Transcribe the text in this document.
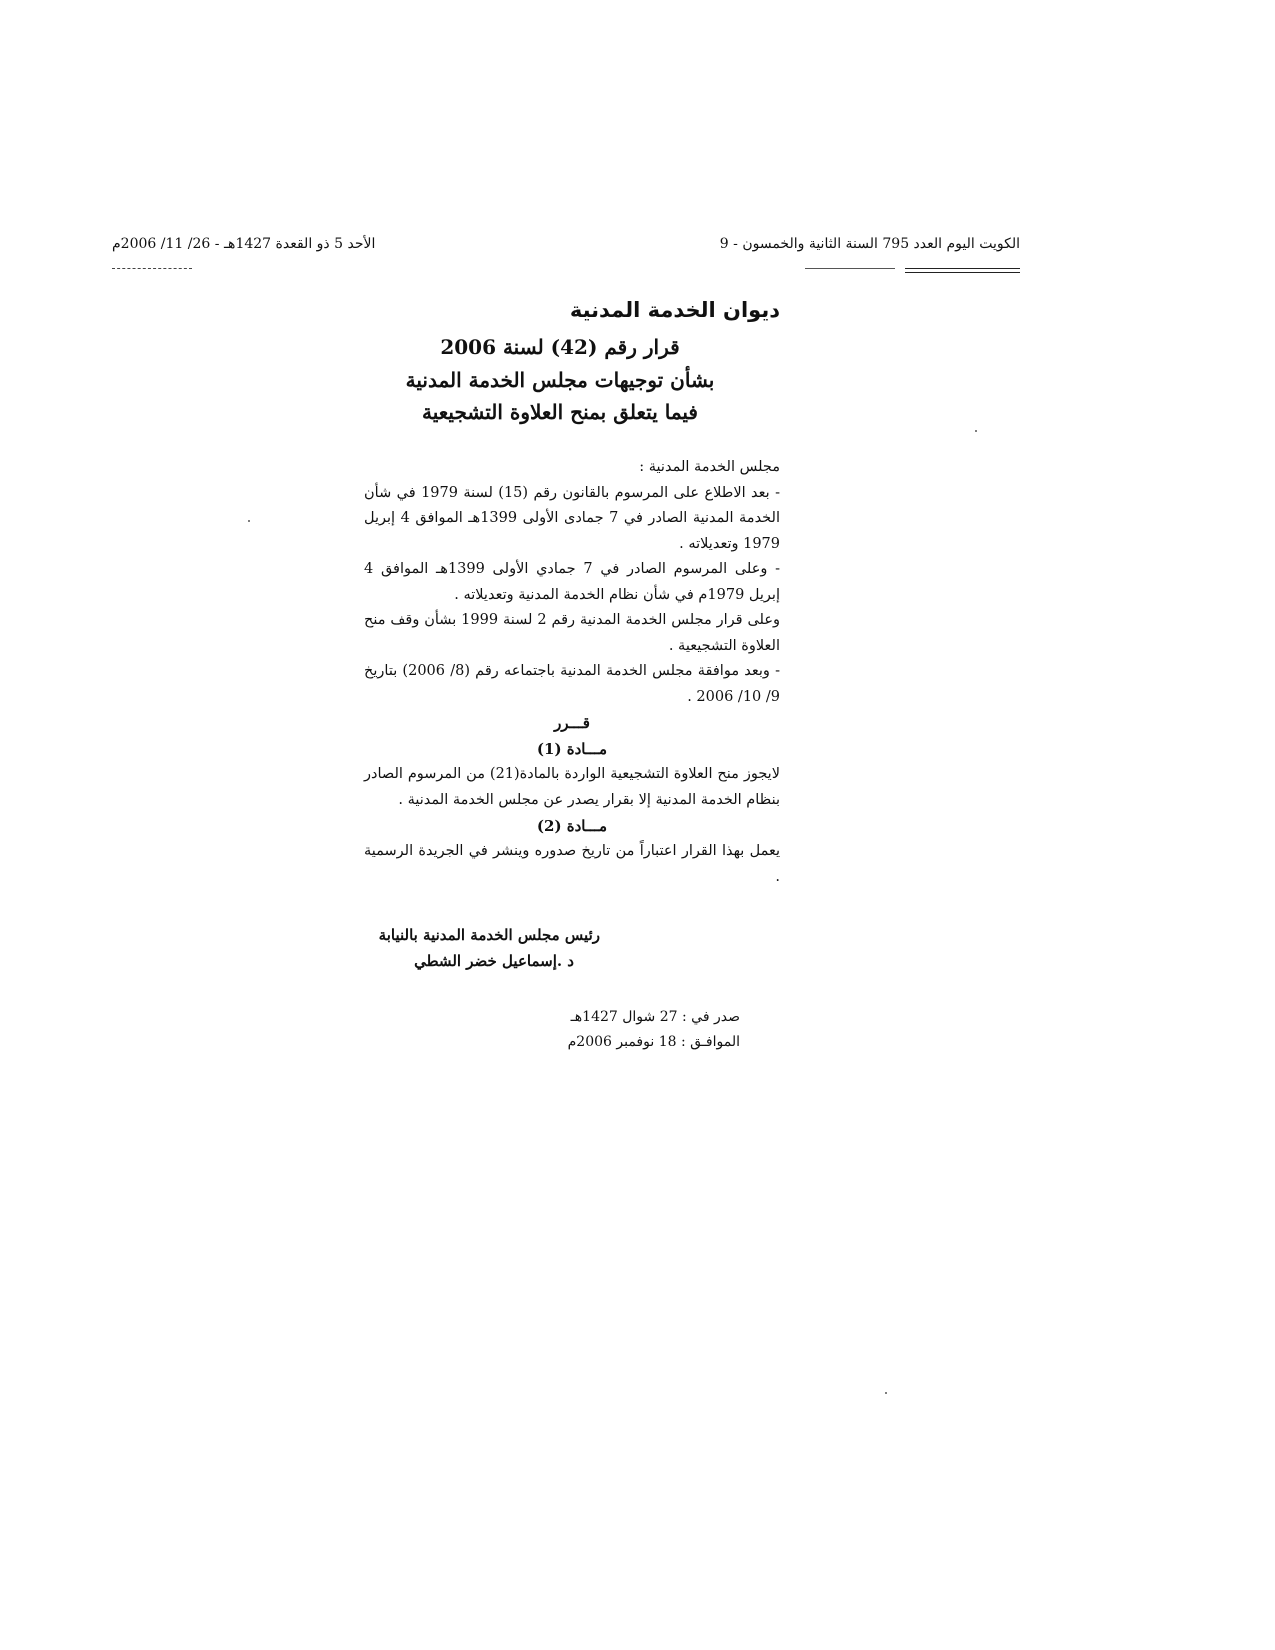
الكويت اليوم العدد 795 السنة الثانية والخمسون - 9
الأحد 5 ذو القعدة 1427هـ - 26/ 11/ 2006م
ديوان الخدمة المدنية
قرار رقم (42) لسنة 2006
بشأن توجيهات مجلس الخدمة المدنية
فيما يتعلق بمنح العلاوة التشجيعية

مجلس الخدمة المدنية :

- بعد الاطلاع على المرسوم بالقانون رقم (15) لسنة 1979 في شأن الخدمة المدنية الصادر في 7 جمادى الأولى 1399هـ الموافق 4 إبريل 1979 وتعديلاته .

- وعلى المرسوم الصادر في 7 جمادي الأولى 1399هـ الموافق 4 إبريل 1979م في شأن نظام الخدمة المدنية وتعديلاته .

وعلى قرار مجلس الخدمة المدنية رقم 2 لسنة 1999 بشأن وقف منح العلاوة التشجيعية .

- وبعد موافقة مجلس الخدمة المدنية باجتماعه رقم (8/ 2006) بتاريخ 9/ 10/ 2006 .

قـــرر

مـــادة (1)

لايجوز منح العلاوة التشجيعية الواردة بالمادة(21) من المرسوم الصادر بنظام الخدمة المدنية إلا بقرار يصدر عن مجلس الخدمة المدنية .

مـــادة (2)

يعمل بهذا القرار اعتباراً من تاريخ صدوره وينشر في الجريدة الرسمية .

رئيس مجلس الخدمة المدنية بالنيابة
د .إسماعيل خضر الشطي
صدر في : 27 شوال 1427هـ
الموافـق : 18 نوفمبر 2006م
